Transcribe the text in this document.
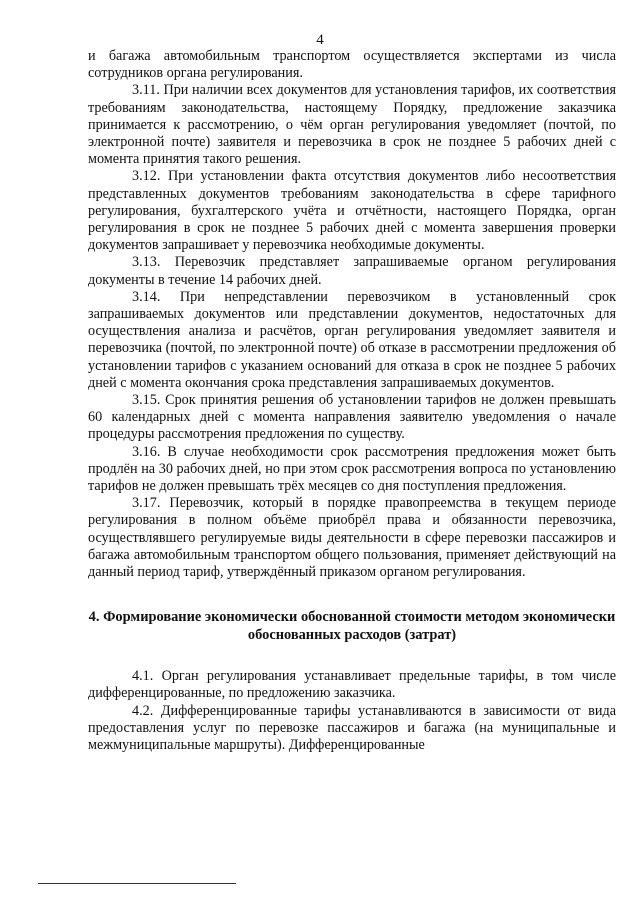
4

и багажа автомобильным транспортом осуществляется экспертами из числа сотрудников органа регулирования.

3.11. При наличии всех документов для установления тарифов, их соответствия требованиям законодательства, настоящему Порядку, предложение заказчика принимается к рассмотрению, о чём орган регулирования уведомляет (почтой, по электронной почте) заявителя и перевозчика в срок не позднее 5 рабочих дней с момента принятия такого решения.

3.12. При установлении факта отсутствия документов либо несоответствия представленных документов требованиям законодательства в сфере тарифного регулирования, бухгалтерского учёта и отчётности, настоящего Порядка, орган регулирования в срок не позднее 5 рабочих дней с момента завершения проверки документов запрашивает у перевозчика необходимые документы.

3.13. Перевозчик представляет запрашиваемые органом регулирования документы в течение 14 рабочих дней.

3.14. При непредставлении перевозчиком в установленный срок запрашиваемых документов или представлении документов, недостаточных для осуществления анализа и расчётов, орган регулирования уведомляет заявителя и перевозчика (почтой, по электронной почте) об отказе в рассмотрении предложения об установлении тарифов с указанием оснований для отказа в срок не позднее 5 рабочих дней с момента окончания срока представления запрашиваемых документов.

3.15. Срок принятия решения об установлении тарифов не должен превышать 60 календарных дней с момента направления заявителю уведомления о начале процедуры рассмотрения предложения по существу.

3.16. В случае необходимости срок рассмотрения предложения может быть продлён на 30 рабочих дней, но при этом срок рассмотрения вопроса по установлению тарифов не должен превышать трёх месяцев со дня поступления предложения.

3.17. Перевозчик, который в порядке правопреемства в текущем периоде регулирования в полном объёме приобрёл права и обязанности перевозчика, осуществлявшего регулируемые виды деятельности в сфере перевозки пассажиров и багажа автомобильным транспортом общего пользования, применяет действующий на данный период тариф, утверждённый приказом органом регулирования.

4. Формирование экономически обоснованной стоимости методом экономически обоснованных расходов (затрат)

4.1. Орган регулирования устанавливает предельные тарифы, в том числе дифференцированные, по предложению заказчика.

4.2. Дифференцированные тарифы устанавливаются в зависимости от вида предоставления услуг по перевозке пассажиров и багажа (на муниципальные и межмуниципальные маршруты). Дифференцированные
